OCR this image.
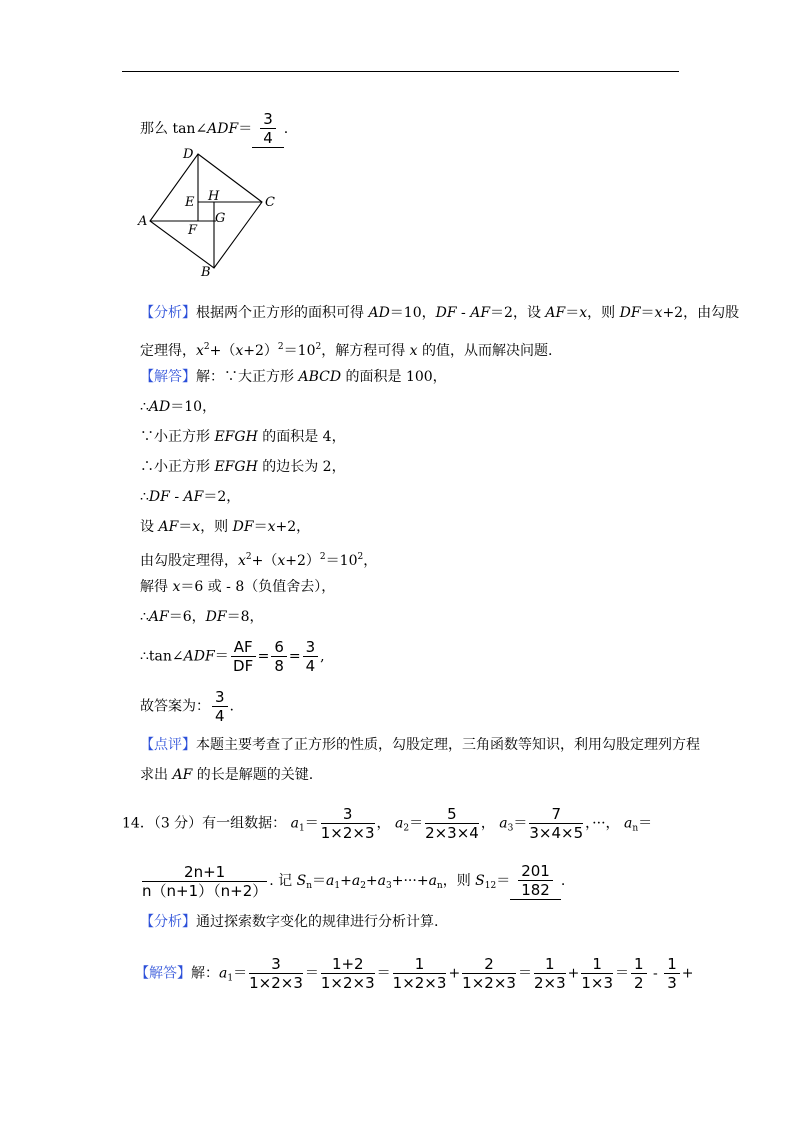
那么 tan∠ADF＝ $\frac{3}{4}$ .
D
C
A
B
E H
G
F
【分析】根据两个正方形的面积可得 AD＝10，DF - AF＝2，设 AF＝x，则 DF＝x+2，由勾股
定理得，$x^2+(x+2)^2=10^2$，解方程可得 x 的值，从而解决问题.
【解答】解：∵大正方形 ABCD 的面积是 100，
∴AD＝10，
∵小正方形 EFGH 的面积是 4，
∴小正方形 EFGH 的边长为 2，
∴DF - AF＝2，
设 AF＝x，则 DF＝x+2，
由勾股定理得，$x^2+(x+2)^2=10^2$，
解得 x＝6 或 - 8（负值舍去），
∴AF＝6，DF＝8，
∴tan∠ADF＝ $\frac{AF}{DF} = \frac{6}{8} = \frac{3}{4}$ ,
故答案为： $\frac{3}{4}$ .
【点评】本题主要考查了正方形的性质，勾股定理，三角函数等知识，利用勾股定理列方程
求出 AF 的长是解题的关键.
14．（3 分）有一组数据： $a_1= \frac{3}{1\times 2\times 3}$ ， $a_2= \frac{5}{2\times 3\times 4}$ ， $a_3= \frac{7}{3\times 4\times 5}$ ，···， $a_n=$
$\frac{2n+1}{n(n+1)(n+2)}$ . 记 $S_n=a_1+a_2+a_3+\cdot\cdot\cdot+a_n$，则 $S_{12}= \frac{201}{182}$ .
【分析】通过探索数字变化的规律进行分析计算.
【解答】解：$a_1= \frac{3}{1\times 2\times 3} = \frac{1+2}{1\times 2\times 3} = \frac{1}{1\times 2\times 3} + \frac{2}{1\times 2\times 3} = \frac{1}{2\times 3} + \frac{1}{1\times 3} = \frac{1}{2} - \frac{1}{3}$ +
